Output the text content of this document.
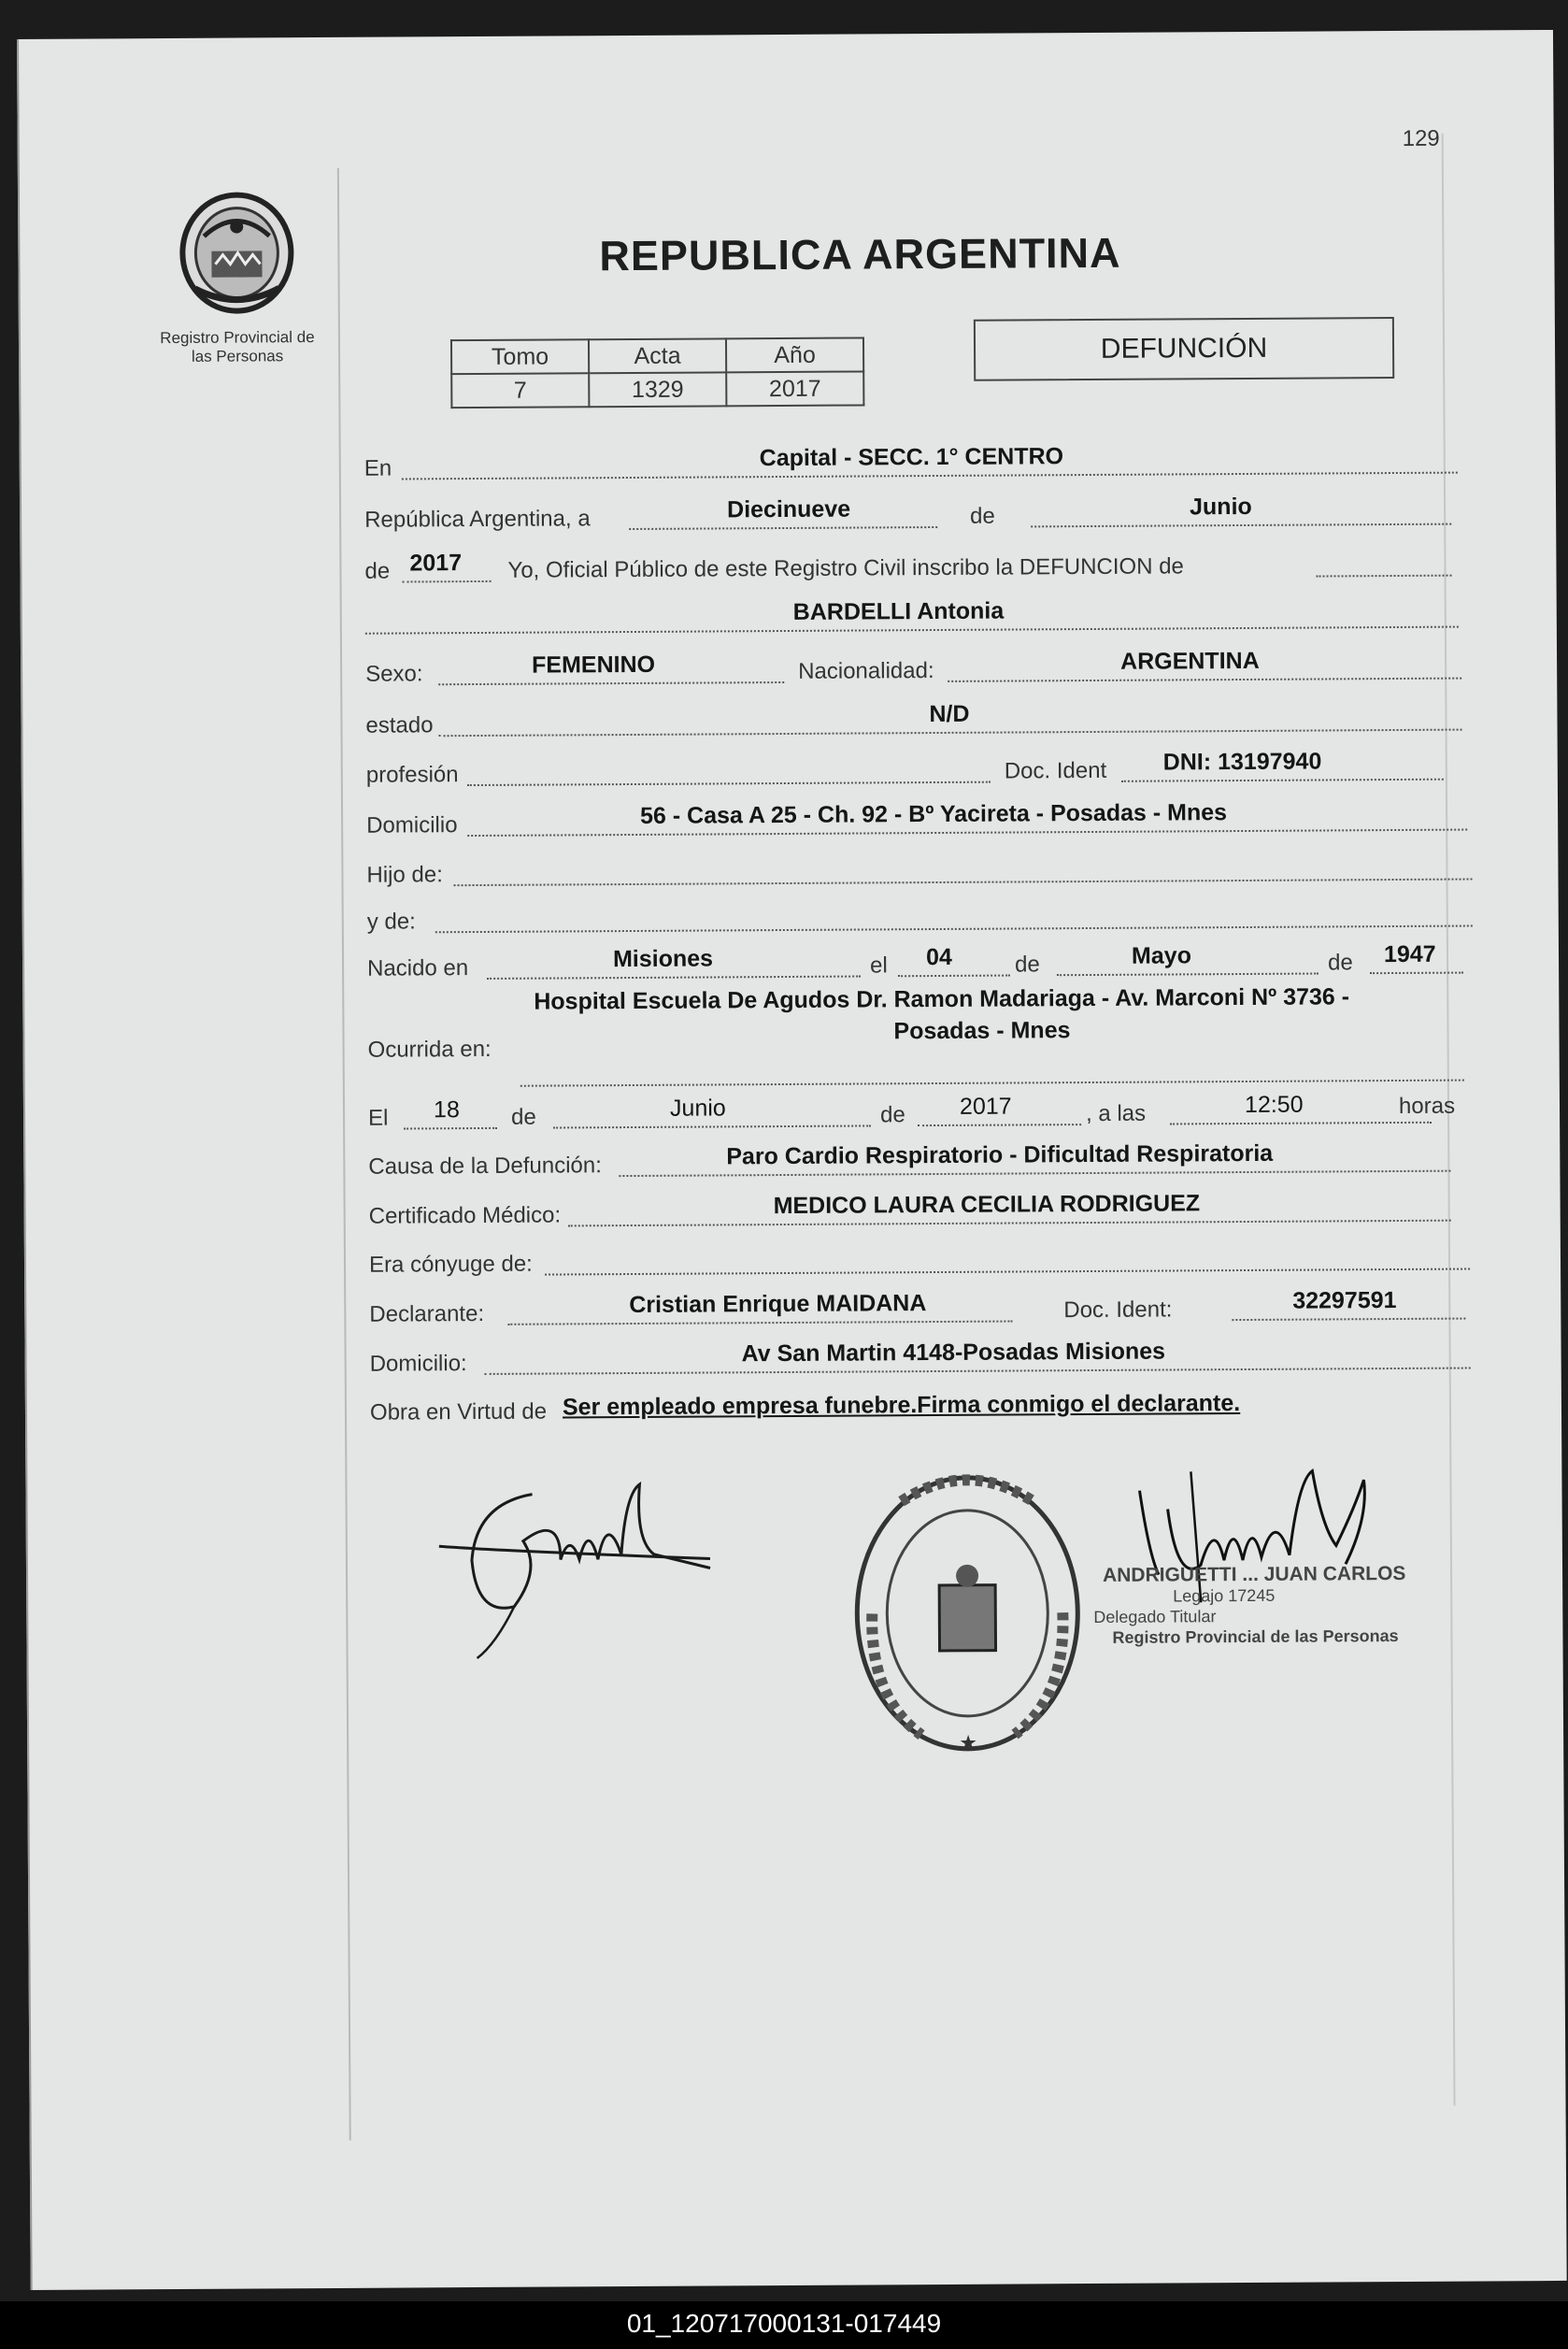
129
Registro Provincial de
las Personas
REPUBLICA ARGENTINA
Tomo	Acta	Año
7	1329	2017
DEFUNCIÓN
En	Capital - SECC. 1° CENTRO
República Argentina, a	Diecinueve	de	Junio
de 2017 Yo, Oficial Público de este Registro Civil inscribo la DEFUNCION de
BARDELLI Antonia
Sexo:	FEMENINO	Nacionalidad:	ARGENTINA
estado	N/D
profesión	Doc. Ident DNI: 13197940
Domicilio	56 - Casa A 25 - Ch. 92 - Bº Yacireta - Posadas - Mnes
Hijo de:
y de:
Nacido en	Misiones	el 04	de	Mayo	de 1947
Hospital Escuela De Agudos Dr. Ramon Madariaga - Av. Marconi Nº 3736 -
Ocurrida en:
Posadas - Mnes
El 18 de	Junio	de 2017	, a las	12:50	horas
Causa de la Defunción:	Paro Cardio Respiratorio - Dificultad Respiratoria
Certificado Médico:	MEDICO LAURA CECILIA RODRIGUEZ
Era cónyuge de:
Declarante:	Cristian Enrique MAIDANA	Doc. Ident:	32297591
Domicilio:	Av San Martin 4148-Posadas Misiones
Obra en Virtud de Ser empleado empresa funebre.Firma conmigo el declarante.
★
ANDRIGUETTI ... JUAN CARLOS
Legajo 17245
Delegado Titular
Registro Provincial de las Personas
01_120717000131-017449
